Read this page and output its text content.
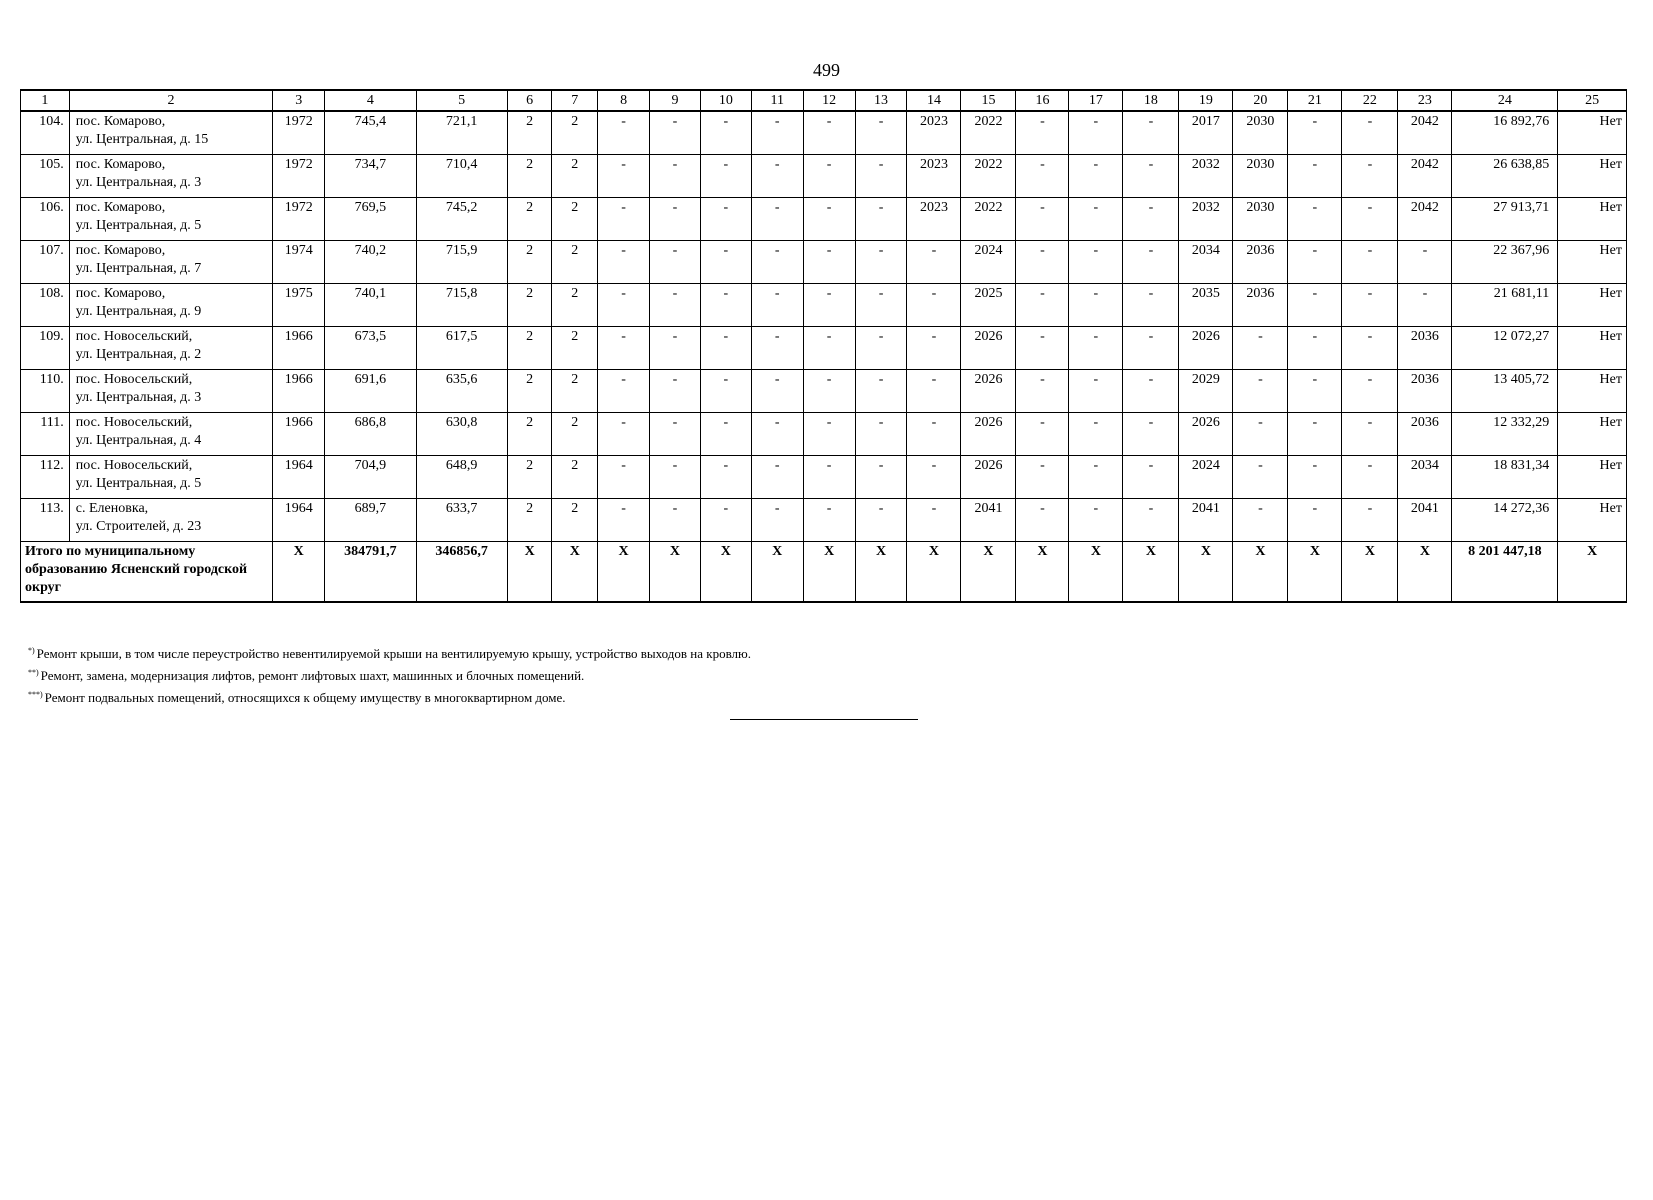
499
1	2	3	4	5	6	7	8	9	10	11	12	13	14	15	16	17	18	19	20	21	22	23	24	25
104.	пос. Комарово,
ул. Центральная, д. 15	1972	745,4	721,1	2	2	-	-	-	-	-	-	2023	2022	-	-	-	2017	2030	-	-	2042	16 892,76	Нет
105.	пос. Комарово,
ул. Центральная, д. 3	1972	734,7	710,4	2	2	-	-	-	-	-	-	2023	2022	-	-	-	2032	2030	-	-	2042	26 638,85	Нет
106.	пос. Комарово,
ул. Центральная, д. 5	1972	769,5	745,2	2	2	-	-	-	-	-	-	2023	2022	-	-	-	2032	2030	-	-	2042	27 913,71	Нет
107.	пос. Комарово,
ул. Центральная, д. 7	1974	740,2	715,9	2	2	-	-	-	-	-	-	-	2024	-	-	-	2034	2036	-	-	-	22 367,96	Нет
108.	пос. Комарово,
ул. Центральная, д. 9	1975	740,1	715,8	2	2	-	-	-	-	-	-	-	2025	-	-	-	2035	2036	-	-	-	21 681,11	Нет
109.	пос. Новосельский,
ул. Центральная, д. 2	1966	673,5	617,5	2	2	-	-	-	-	-	-	-	2026	-	-	-	2026	-	-	-	2036	12 072,27	Нет
110.	пос. Новосельский,
ул. Центральная, д. 3	1966	691,6	635,6	2	2	-	-	-	-	-	-	-	2026	-	-	-	2029	-	-	-	2036	13 405,72	Нет
111.	пос. Новосельский,
ул. Центральная, д. 4	1966	686,8	630,8	2	2	-	-	-	-	-	-	-	2026	-	-	-	2026	-	-	-	2036	12 332,29	Нет
112.	пос. Новосельский,
ул. Центральная, д. 5	1964	704,9	648,9	2	2	-	-	-	-	-	-	-	2026	-	-	-	2024	-	-	-	2034	18 831,34	Нет
113.	с. Еленовка,
ул. Строителей, д. 23	1964	689,7	633,7	2	2	-	-	-	-	-	-	-	2041	-	-	-	2041	-	-	-	2041	14 272,36	Нет
Итого по муниципальному образованию Ясненский городской округ		X	384791,7	346856,7	X	X	X	X	X	X	X	X	X	X	X	X	X	X	X	X	X	X	8 201 447,18	X
*) Ремонт крыши, в том числе переустройство невентилируемой крыши на вентилируемую крышу, устройство выходов на кровлю.
**) Ремонт, замена, модернизация лифтов, ремонт лифтовых шахт, машинных и блочных помещений.
***) Ремонт подвальных помещений, относящихся к общему имуществу в многоквартирном доме.
